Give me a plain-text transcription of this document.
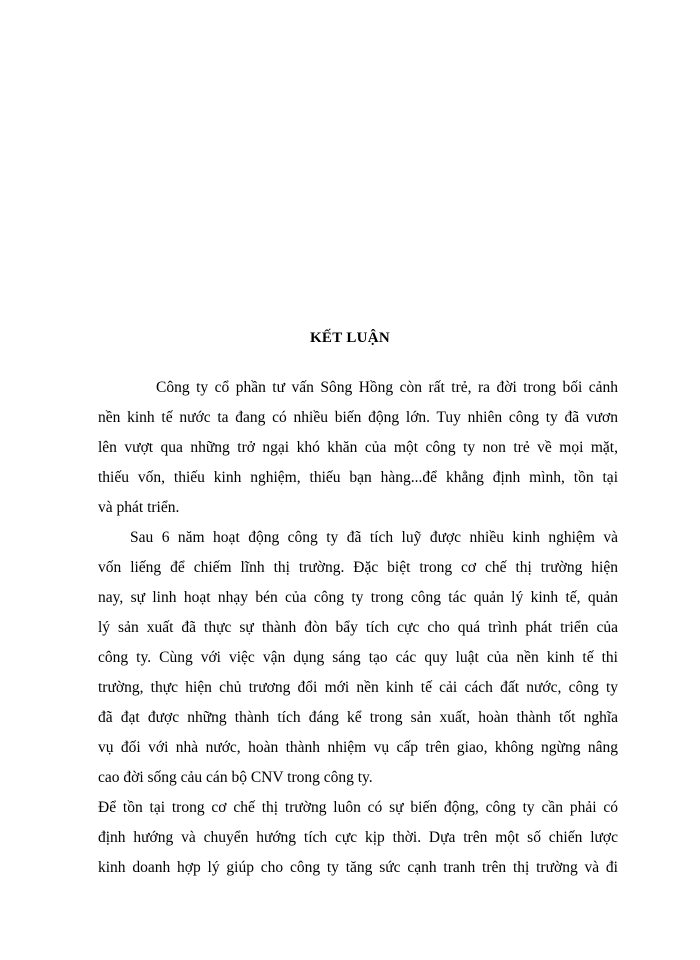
KẾT LUẬN
Công ty cổ phần tư vấn Sông Hồng còn rất trẻ, ra đời trong bối cảnh
nền kinh tế nước ta đang có nhiều biến động lớn. Tuy nhiên công ty đã vươn
lên vượt qua những trở ngại khó khăn của một công ty non trẻ về mọi mặt,
thiếu vốn, thiếu kinh nghiệm, thiếu bạn hàng...để khẳng định mình, tồn tại
và phát triển.
Sau 6 năm hoạt động công ty đã tích luỹ được nhiều kinh nghiệm và
vốn liếng để chiếm lĩnh thị trường. Đặc biệt trong cơ chế thị trường hiện
nay, sự linh hoạt nhạy bén của công ty trong công tác quản lý kinh tế, quản
lý sản xuất đã thực sự thành đòn bẩy tích cực cho quá trình phát triển của
công ty. Cùng với việc vận dụng sáng tạo các quy luật của nền kinh tế thi
trường, thực hiện chủ trương đổi mới nền kinh tế cải cách đất nước, công ty
đã đạt được những thành tích đáng kể trong sản xuất, hoàn thành tốt nghĩa
vụ đối với nhà nước, hoàn thành nhiệm vụ cấp trên giao, không ngừng nâng
cao đời sống cảu cán bộ CNV trong công ty.
Để tồn tại trong cơ chế thị trường luôn có sự biến động, công ty cần phải có
định hướng và chuyển hướng tích cực kịp thời. Dựa trên một số chiến lược
kinh doanh hợp lý giúp cho công ty tăng sức cạnh tranh trên thị trường và đi
